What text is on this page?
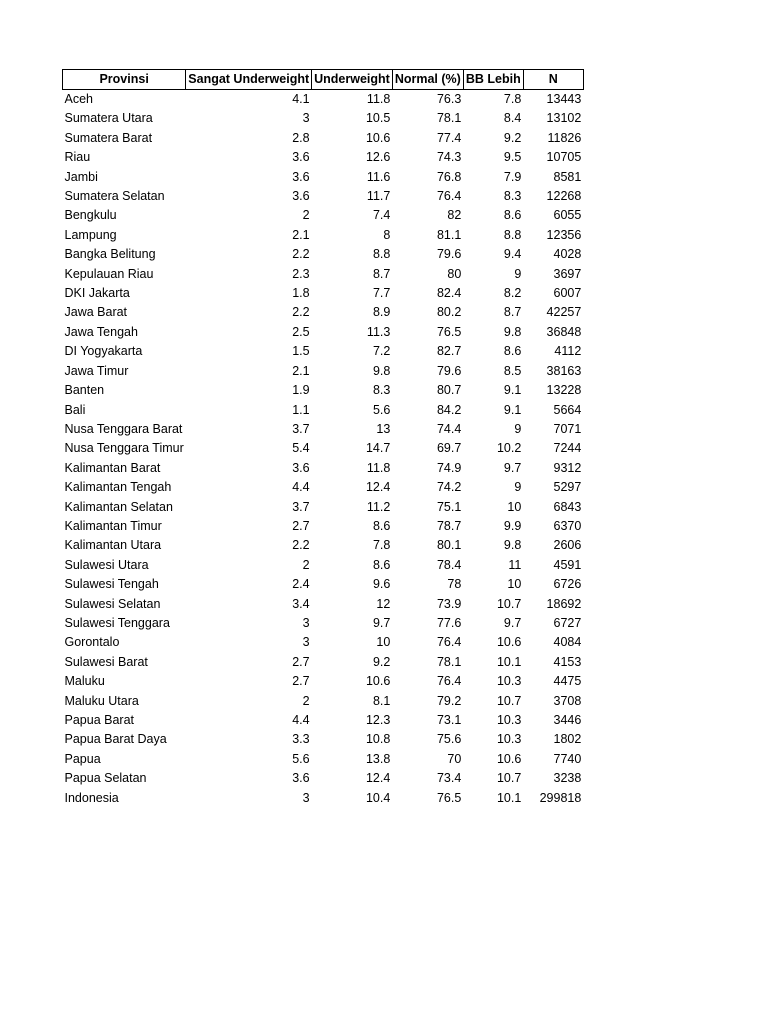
Provinsi	Sangat Underweight	Underweight	Normal (%)	BB Lebih	N
Aceh	4.1	11.8	76.3	7.8	13443
Sumatera Utara	3	10.5	78.1	8.4	13102
Sumatera Barat	2.8	10.6	77.4	9.2	11826
Riau	3.6	12.6	74.3	9.5	10705
Jambi	3.6	11.6	76.8	7.9	8581
Sumatera Selatan	3.6	11.7	76.4	8.3	12268
Bengkulu	2	7.4	82	8.6	6055
Lampung	2.1	8	81.1	8.8	12356
Bangka Belitung	2.2	8.8	79.6	9.4	4028
Kepulauan Riau	2.3	8.7	80	9	3697
DKI Jakarta	1.8	7.7	82.4	8.2	6007
Jawa Barat	2.2	8.9	80.2	8.7	42257
Jawa Tengah	2.5	11.3	76.5	9.8	36848
DI Yogyakarta	1.5	7.2	82.7	8.6	4112
Jawa Timur	2.1	9.8	79.6	8.5	38163
Banten	1.9	8.3	80.7	9.1	13228
Bali	1.1	5.6	84.2	9.1	5664
Nusa Tenggara Barat	3.7	13	74.4	9	7071
Nusa Tenggara Timur	5.4	14.7	69.7	10.2	7244
Kalimantan Barat	3.6	11.8	74.9	9.7	9312
Kalimantan Tengah	4.4	12.4	74.2	9	5297
Kalimantan Selatan	3.7	11.2	75.1	10	6843
Kalimantan Timur	2.7	8.6	78.7	9.9	6370
Kalimantan Utara	2.2	7.8	80.1	9.8	2606
Sulawesi Utara	2	8.6	78.4	11	4591
Sulawesi Tengah	2.4	9.6	78	10	6726
Sulawesi Selatan	3.4	12	73.9	10.7	18692
Sulawesi Tenggara	3	9.7	77.6	9.7	6727
Gorontalo	3	10	76.4	10.6	4084
Sulawesi Barat	2.7	9.2	78.1	10.1	4153
Maluku	2.7	10.6	76.4	10.3	4475
Maluku Utara	2	8.1	79.2	10.7	3708
Papua Barat	4.4	12.3	73.1	10.3	3446
Papua Barat Daya	3.3	10.8	75.6	10.3	1802
Papua	5.6	13.8	70	10.6	7740
Papua Selatan	3.6	12.4	73.4	10.7	3238
Indonesia	3	10.4	76.5	10.1	299818
